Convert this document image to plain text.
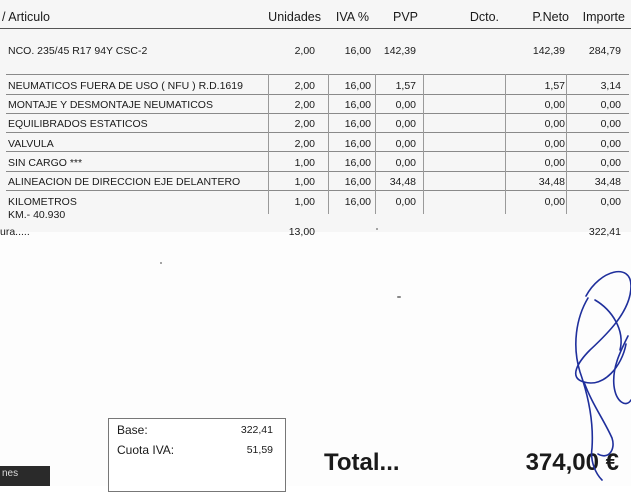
/ Articulo	Unidades IVA % PVP	Dcto.	P.Neto Importe
NCO. 235/45 R17 94Y CSC-2	2,00	16,00 142,39	142,39 284,79
NEUMATICOS FUERA DE USO ( NFU ) R.D.1619	2,00	16,00 1,57	1,57	3,14
MONTAJE Y DESMONTAJE NEUMATICOS	2,00	16,00 0,00	0,00	0,00
EQUILIBRADOS ESTATICOS	2,00	16,00 0,00	0,00	0,00
VALVULA	2,00	16,00 0,00	0,00	0,00
SIN CARGO ***	1,00	16,00 0,00	0,00	0,00
ALINEACION DE DIRECCION EJE DELANTERO	1,00	16,00 34,48	34,48	34,48
KILOMETROS	1,00	16,00 0,00	0,00	0,00
KM.- 40.930
ura.....	13,00	322,41
Base:	322,41
Cuota IVA:	51,59
nes	Total...	374,00 €
